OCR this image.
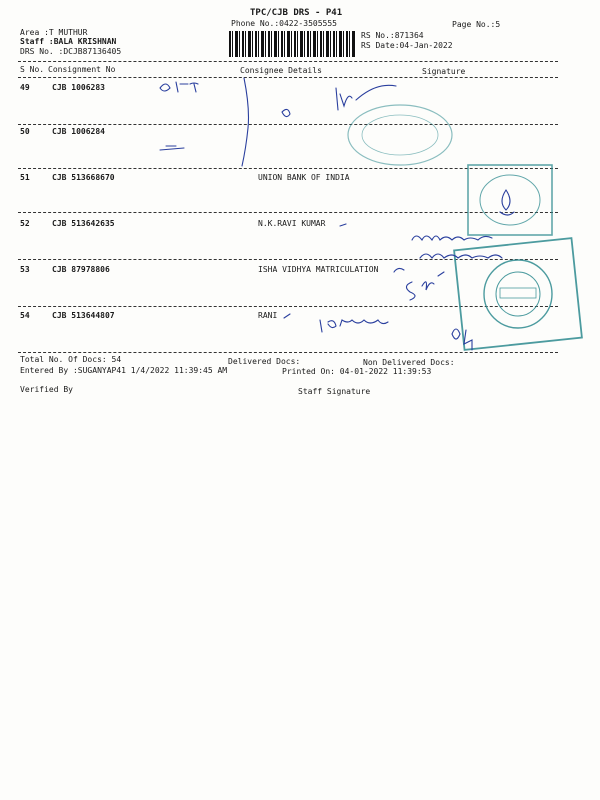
TPC/CJB DRS - P41
Phone No.:0422-3505555	Page No.:5
Area :T MUTHUR
Staff :BALA KRISHNAN
DRS No. :DCJB87136405
RS No.:871364
RS Date:04-Jan-2022
S No. Consignment No	Consignee Details	Signature
49	CJB 1006283
50	CJB 1006284
51	CJB 513668670	UNION BANK OF INDIA
52	CJB 513642635	N.K.RAVI KUMAR
53	CJB 87978806	ISHA VIDHYA MATRICULATION
54	CJB 513644807	RANI
Total No. Of Docs: 54	Delivered Docs:	Non Delivered Docs:
Entered By :SUGANYAP41 1/4/2022 11:39:45 AM	Printed On: 04-01-2022 11:39:53
Verified By	Staff Signature
